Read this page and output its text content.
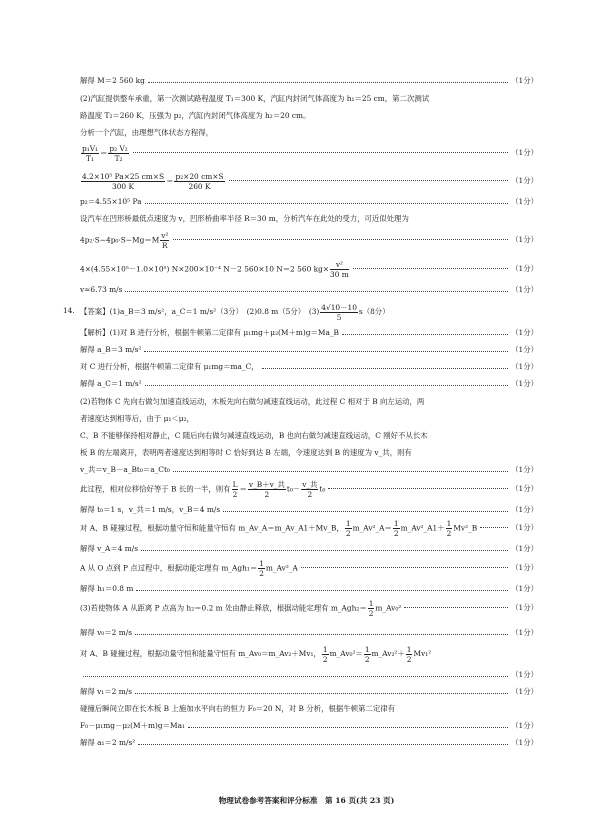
解得 M＝2 560 kg	（1分）
(2)汽缸提供整车承重，第一次测试路程温度 T₁＝300 K，汽缸内封闭气体高度为 h₁＝25 cm，第二次测试
路温度 T₂＝260 K，压强为 p₂，汽缸内封闭气体高度为 h₂＝20 cm。
分析一个汽缸，由理想气体状态方程得，
$\frac{\text{p₁V₁}}{\text{T₁}} = \frac{\text{p₂ V₂}}{\text{T₂}}$	（1分）
$\frac{\text{4.2×10⁵ Pa×25 cm×S}}{300 K} = \frac{\text{p₂×20 cm×S}}{260 K}$	（1分）
p₂＝4.55×10⁵ Pa	（1分）
设汽车在凹形桥最低点速度为 v，凹形桥曲率半径 R＝30 m，分析汽车在此处的受力，可近似处理为
$4p_2\cdot S-4p_0\cdot S-Mg=M \frac{\text{v²}}{R}$	（1分）
4×(4.55×10⁵－1.0×10⁵) N×200×10⁻⁴ N－2 560×10 N＝2 560 $kg\times \frac{\text{v²}}{30 m}$	（1分）
v≈6.73 m/s	（1分）
14. 【答案】(1)a_B＝3 m/s²，a_C＝1 m/s²（3分）　(2)0.8 m（5分）　$(3) \frac{4√10-10}{5} s(8$分）
【解析】(1)对 B 进行分析，根据牛顿第二定律有 μ₁mg＋μ₂(M＋m)g＝Ma_B	（1分）
解得 a_B＝3 m/s²	（1分）
对 C 进行分析，根据牛顿第二定律有 μ₁mg＝ma_C，	（1分）
解得 a_C＝1 m/s²	（1分）
(2)若物体 C 先向右做匀加速直线运动，木板先向右做匀减速直线运动，此过程 C 相对于 B 向左运动，两
者速度达到相等后，由于 μ₁＜μ₂，
C、B 不能够保持相对静止，C 随后向右做匀减速直线运动，B 也向右做匀减速直线运动，C 刚好不从长木
板 B 的左端离开，表明两者速度达到相等时 C 恰好到达 B 左端，令速度达到 B 的速度为 v_共，则有
v_共＝v_B－a_Bt₀＝a_Ct₀	（1分）
此过程，相对位移恰好等于 B 长的一半，则有 $\frac{L}{2} = \frac{\text{v\_B＋v\_共}}{2} t_0- \frac{\text{v\_共}}{2} t_0$	（1分）
解得 t₀＝1 s，v_共＝1 m/s，v_B＝4 m/s	（1分）
对 A、B 碰撞过程，根据动量守恒和能量守恒有 m_Av_A＝m_Av_A1＋Mv_B， $\frac{1}{2}$ m_Av²_A＝ $\frac{1}{2}$ m_Av²_A1＋ $\frac{1}{2}$ Mv²_B	（1分）
解得 v_A＝4 m/s	（1分）
A 从 O 点到 P 点过程中，根据动能定理有 m_Agh₁＝ $\frac{1}{2}$ m_Av²_A	（1分）
解得 h₁＝0.8 m	（1分）
(3)若使物体 A 从距离 P 点高为 h₂＝0.2 m 处由静止释放，根据动能定理有 m_Agh₂＝ $\frac{1}{2}$ m_Av₀²	（1分）
解得 v₀＝2 m/s	（1分）
对 A、B 碰撞过程，根据动量守恒和能量守恒有 m_Av₀＝m_Av₂＋Mv₁， $\frac{1}{2}$ m_Av₀²＝ $\frac{1}{2}$ m_Av₂²＋ $\frac{1}{2} Mv_1^2$
（1分）
解得 v₁＝2 m/s	（1分）
碰撞后瞬间立即在长木板 B 上施加水平向右的恒力 F₀＝20 N，对 B 分析，根据牛顿第二定律有
F₀－μ₁mg－μ₂(M＋m)g＝Ma₁	（1分）
解得 a₁＝2 m/s²	（1分）
物理试卷参考答案和评分标准　第 16 页(共 23 页)
